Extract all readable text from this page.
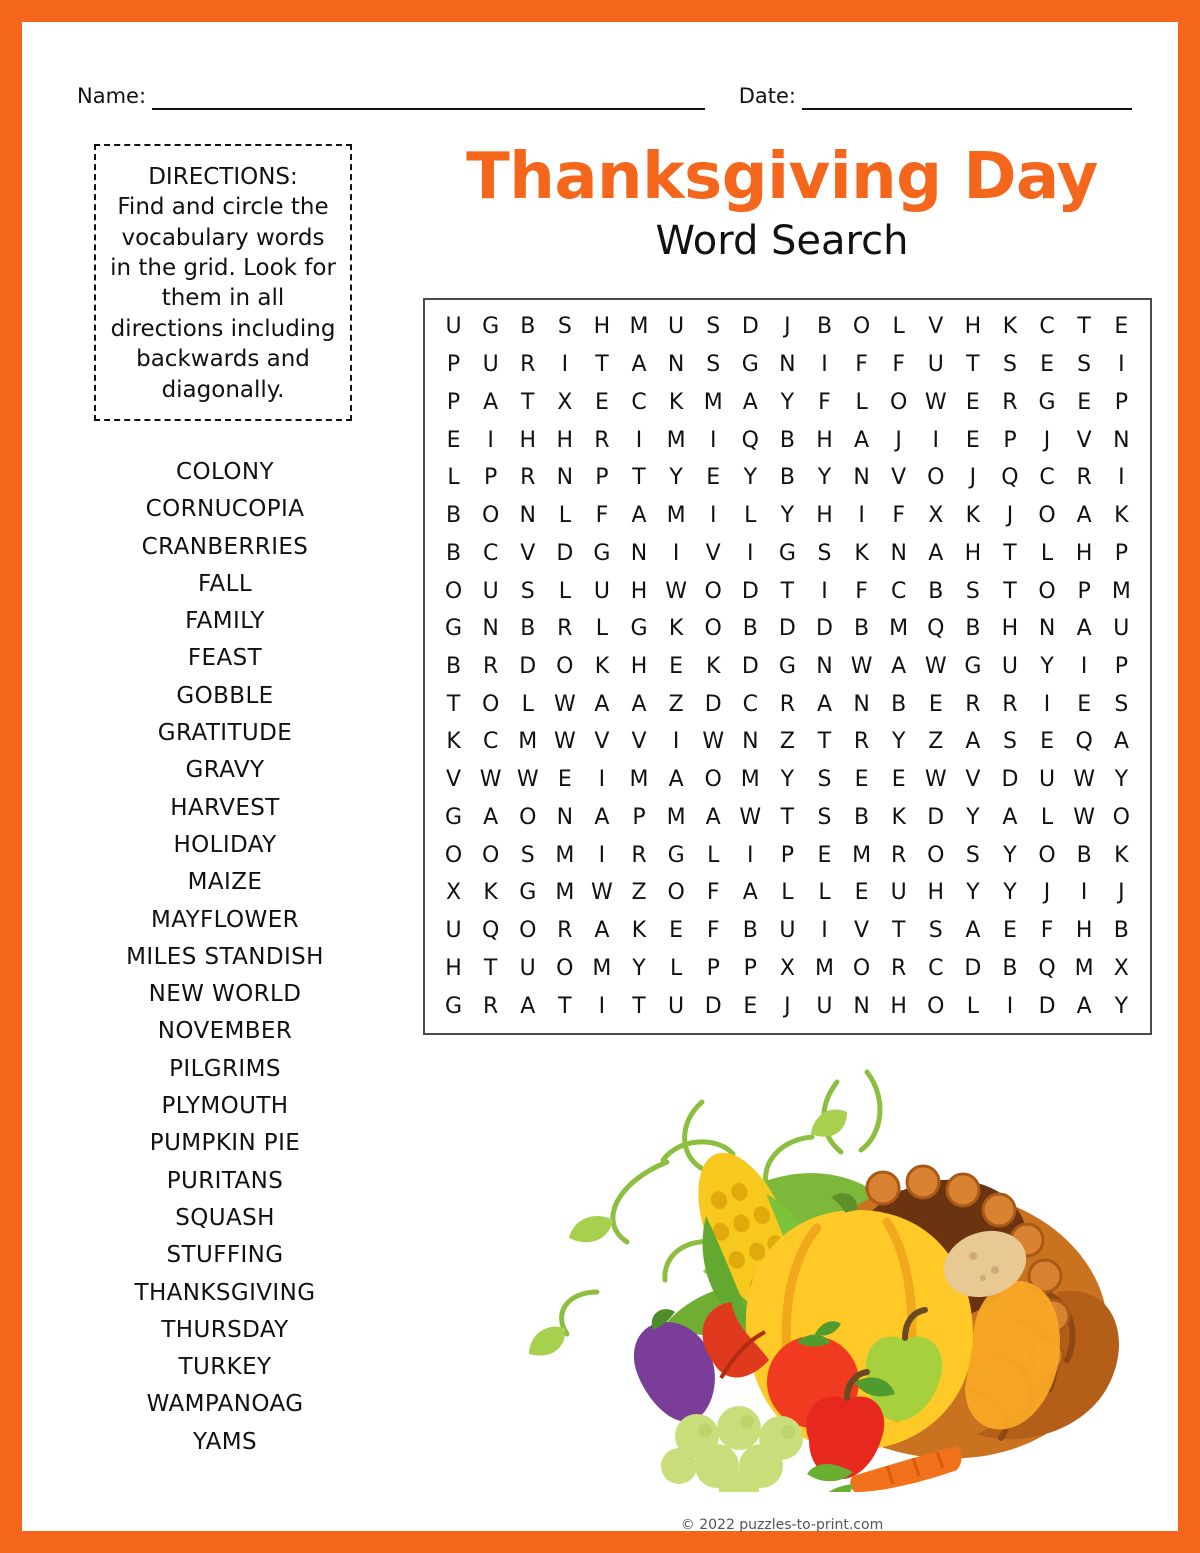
Name:	Date:
DIRECTIONS:
Find and circle the vocabulary words in the grid. Look for them in all directions including backwards and diagonally.
COLONY
CORNUCOPIA
CRANBERRIES
FALL
FAMILY
FEAST
GOBBLE
GRATITUDE
GRAVY
HARVEST
HOLIDAY
MAIZE
MAYFLOWER
MILES STANDISH
NEW WORLD
NOVEMBER
PILGRIMS
PLYMOUTH
PUMPKIN PIE
PURITANS
SQUASH
STUFFING
THANKSGIVING
THURSDAY
TURKEY
WAMPANOAG
YAMS
Thanksgiving Day
Word Search
U	G	B	S	H	M	U	S	D	J	B	O	L	V	H	K	C	T	E
P	U	R	I	T	A	N	S	G	N	I	F	F	U	T	S	E	S	I
P	A	T	X	E	C	K	M	A	Y	F	L	O	W	E	R	G	E	P
E	I	H	H	R	I	M	I	Q	B	H	A	J	I	E	P	J	V	N
L	P	R	N	P	T	Y	E	Y	B	Y	N	V	O	J	Q	C	R	I
B	O	N	L	F	A	M	I	L	Y	H	I	F	X	K	J	O	A	K
B	C	V	D	G	N	I	V	I	G	S	K	N	A	H	T	L	H	P
O	U	S	L	U	H	W	O	D	T	I	F	C	B	S	T	O	P	M
G	N	B	R	L	G	K	O	B	D	D	B	M	Q	B	H	N	A	U
B	R	D	O	K	H	E	K	D	G	N	W	A	W	G	U	Y	I	P
T	O	L	W	A	A	Z	D	C	R	A	N	B	E	R	R	I	E	S
K	C	M	W	V	V	I	W	N	Z	T	R	Y	Z	A	S	E	Q	A
V	W	W	E	I	M	A	O	M	Y	S	E	E	W	V	D	U	W	Y
G	A	O	N	A	P	M	A	W	T	S	B	K	D	Y	A	L	W	O
O	O	S	M	I	R	G	L	I	P	E	M	R	O	S	Y	O	B	K
X	K	G	M	W	Z	O	F	A	L	L	E	U	H	Y	Y	J	I	J
U	Q	O	R	A	K	E	F	B	U	I	V	T	S	A	E	F	H	B
H	T	U	O	M	Y	L	P	P	X	M	O	R	C	D	B	Q	M	X
G	R	A	T	I	T	U	D	E	J	U	N	H	O	L	I	D	A	Y
© 2022 puzzles-to-print.com
